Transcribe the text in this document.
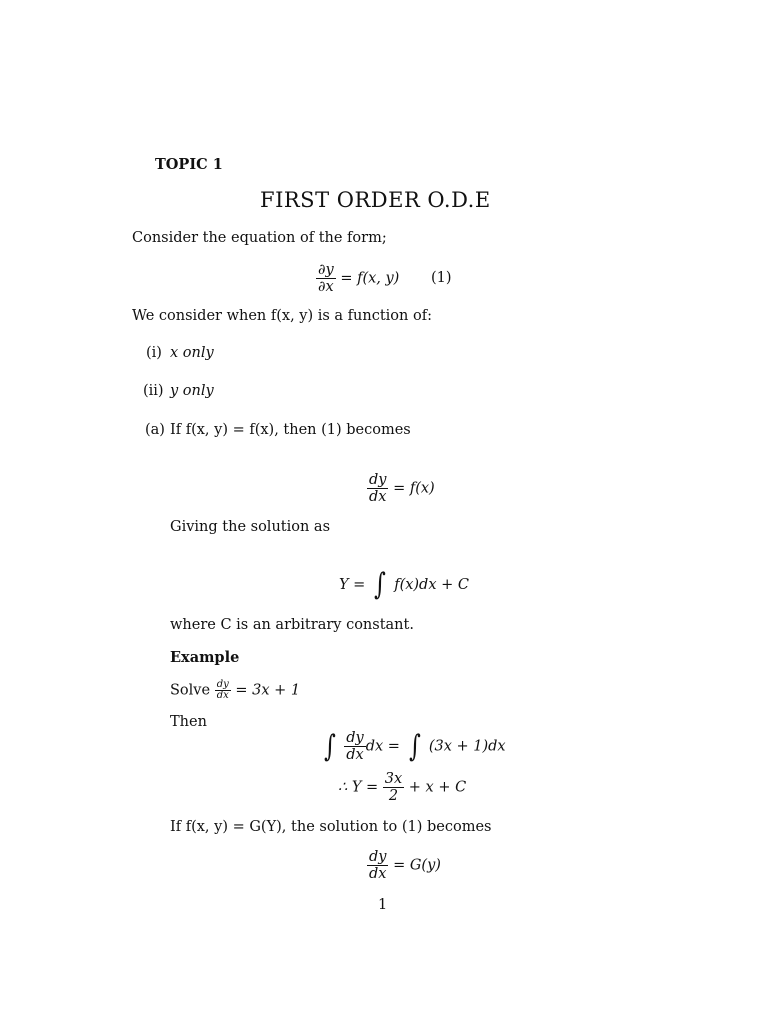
TOPIC 1
FIRST ORDER O.D.E
Consider the equation of the form;
$\frac{\partial y}{\partial x} = f(x$, y) (1)
We consider when f(x, y) is a function of:
(i) x only
(ii) y only
(a) If f(x, y) = f(x), then (1) becomes
$\frac{dy}{dx} = f(x)$
Giving the solution as
Y = ∫ f(x)dx + C
where C is an arbitrary constant.
Example
Solve $\frac{dy}{dx} = 3x + 1$
Then
∫ $\frac{dy}{dx}$ dx = ∫ (3x + 1)dx
∴ $Y = \frac{3x}{2} + x + C$
If f(x, y) = G(Y), the solution to (1) becomes
$\frac{dy}{dx} = G(y)$
1
